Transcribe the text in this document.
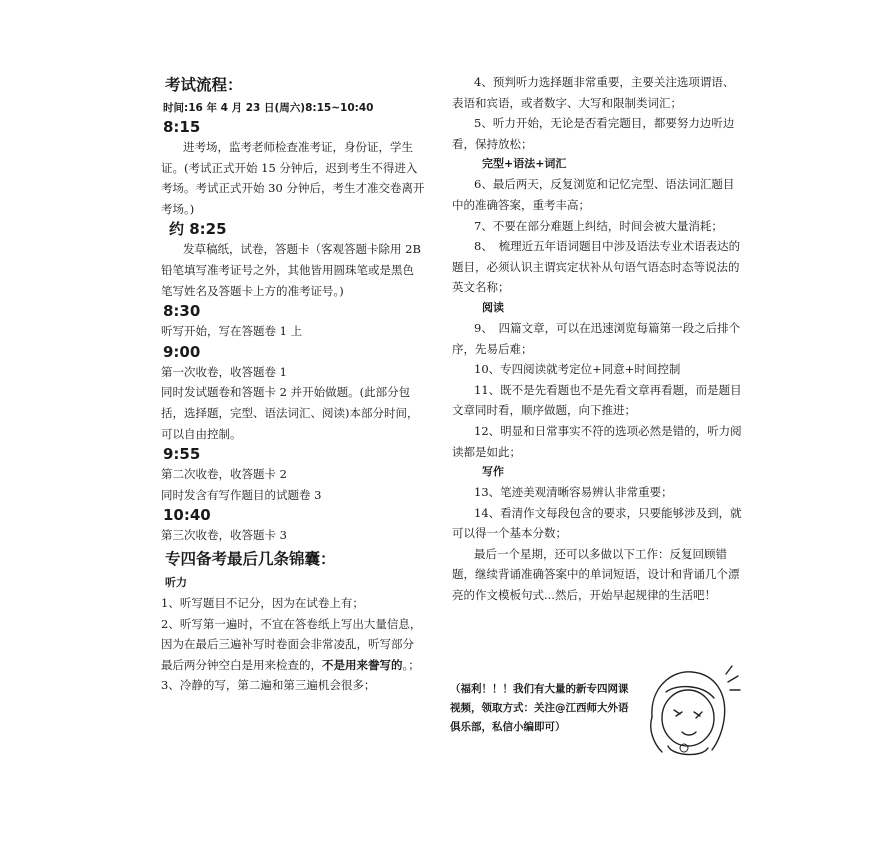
考试流程：

时间:16 年 4 月 23 日(周六)8:15~10:40

8:15

进考场，监考老师检查准考证，身份证，学生证。(考试正式开始 15 分钟后，迟到考生不得进入考场。考试正式开始 30 分钟后，考生才准交卷离开考场。)

约 8:25

发草稿纸，试卷，答题卡（客观答题卡除用 2B 铅笔填写准考证号之外，其他皆用圆珠笔或是黑色笔写姓名及答题卡上方的准考证号。)

8:30

听写开始，写在答题卷 1 上

9:00

第一次收卷，收答题卷 1

同时发试题卷和答题卡 2 并开始做题。(此部分包括，选择题，完型、语法词汇、阅读)本部分时间，　可以自由控制。

9:55

第二次收卷，收答题卡 2

同时发含有写作题目的试题卷 3

10:40

第三次收卷，收答题卡 3

专四备考最后几条锦囊：

听力

1、听写题目不记分，因为在试卷上有；

2、听写第一遍时，不宜在答卷纸上写出大量信息，因为在最后三遍补写时卷面会非常凌乱，听写部分最后两分钟空白是用来检查的，不是用来誊写的。；

3、冷静的写，第二遍和第三遍机会很多；

4、预判听力选择题非常重要，主要关注选项谓语、表语和宾语，或者数字、大写和限制类词汇；

5、听力开始，无论是否看完题目，都要努力边听边看，保持放松；

完型+语法+词汇

6、最后两天，反复浏览和记忆完型、语法词汇题目中的准确答案，重考丰高；

7、不要在部分难题上纠结，时间会被大量消耗；

8、　梳理近五年语词题目中涉及语法专业术语表达的题目，必须认识主谓宾定状补从句语气语态时态等说法的英文名称；

阅读

9、　四篇文章，可以在迅速浏览每篇第一段之后排个序，先易后难；

10、专四阅读就考定位+同意+时间控制

11、既不是先看题也不是先看文章再看题，而是题目文章同时看，顺序做题，向下推进；

12、明显和日常事实不符的选项必然是错的，听力阅读都是如此；

写作

13、笔迹美观清晰容易辨认非常重要；

14、看清作文每段包含的要求，只要能够涉及到，就可以得一个基本分数；

最后一个星期，还可以多做以下工作：反复回顾错题，继续背诵准确答案中的单词短语，设计和背诵几个漂亮的作文模板句式...然后，开始早起规律的生活吧！

（福利！！！我们有大量的新专四网课视频，领取方式：关注@江西师大外语俱乐部，私信小编即可）
